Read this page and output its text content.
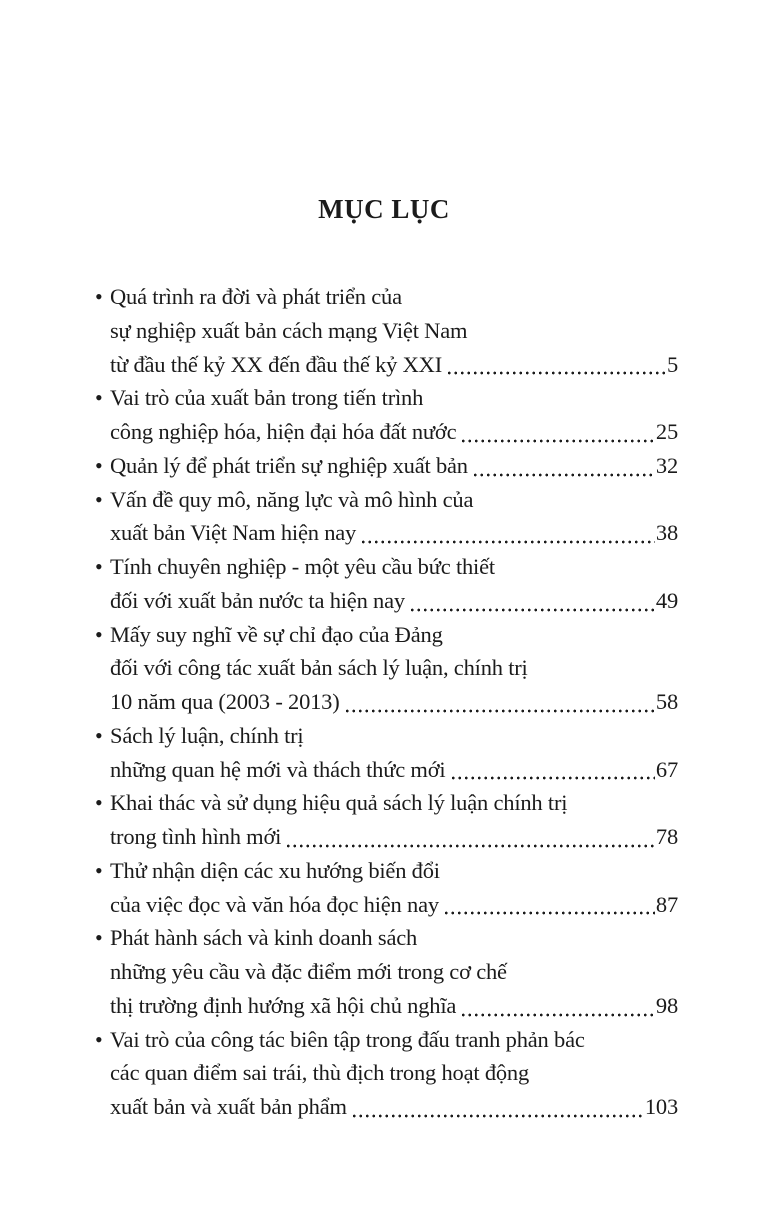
MỤC LỤC
• Quá trình ra đời và phát triển của
sự nghiệp xuất bản cách mạng Việt Nam
từ đầu thế kỷ XX đến đầu thế kỷ XXI	5
• Vai trò của xuất bản trong tiến trình
công nghiệp hóa, hiện đại hóa đất nước	25
• Quản lý để phát triển sự nghiệp xuất bản	32
• Vấn đề quy mô, năng lực và mô hình của
xuất bản Việt Nam hiện nay	38
• Tính chuyên nghiệp - một yêu cầu bức thiết
đối với xuất bản nước ta hiện nay	49
• Mấy suy nghĩ về sự chỉ đạo của Đảng
đối với công tác xuất bản sách lý luận, chính trị
10 năm qua (2003 - 2013)	58
• Sách lý luận, chính trị
những quan hệ mới và thách thức mới	67
• Khai thác và sử dụng hiệu quả sách lý luận chính trị
trong tình hình mới	78
• Thử nhận diện các xu hướng biến đổi
của việc đọc và văn hóa đọc hiện nay	87
• Phát hành sách và kinh doanh sách
những yêu cầu và đặc điểm mới trong cơ chế
thị trường định hướng xã hội chủ nghĩa	98
• Vai trò của công tác biên tập trong đấu tranh phản bác
các quan điểm sai trái, thù địch trong hoạt động
xuất bản và xuất bản phẩm	103
